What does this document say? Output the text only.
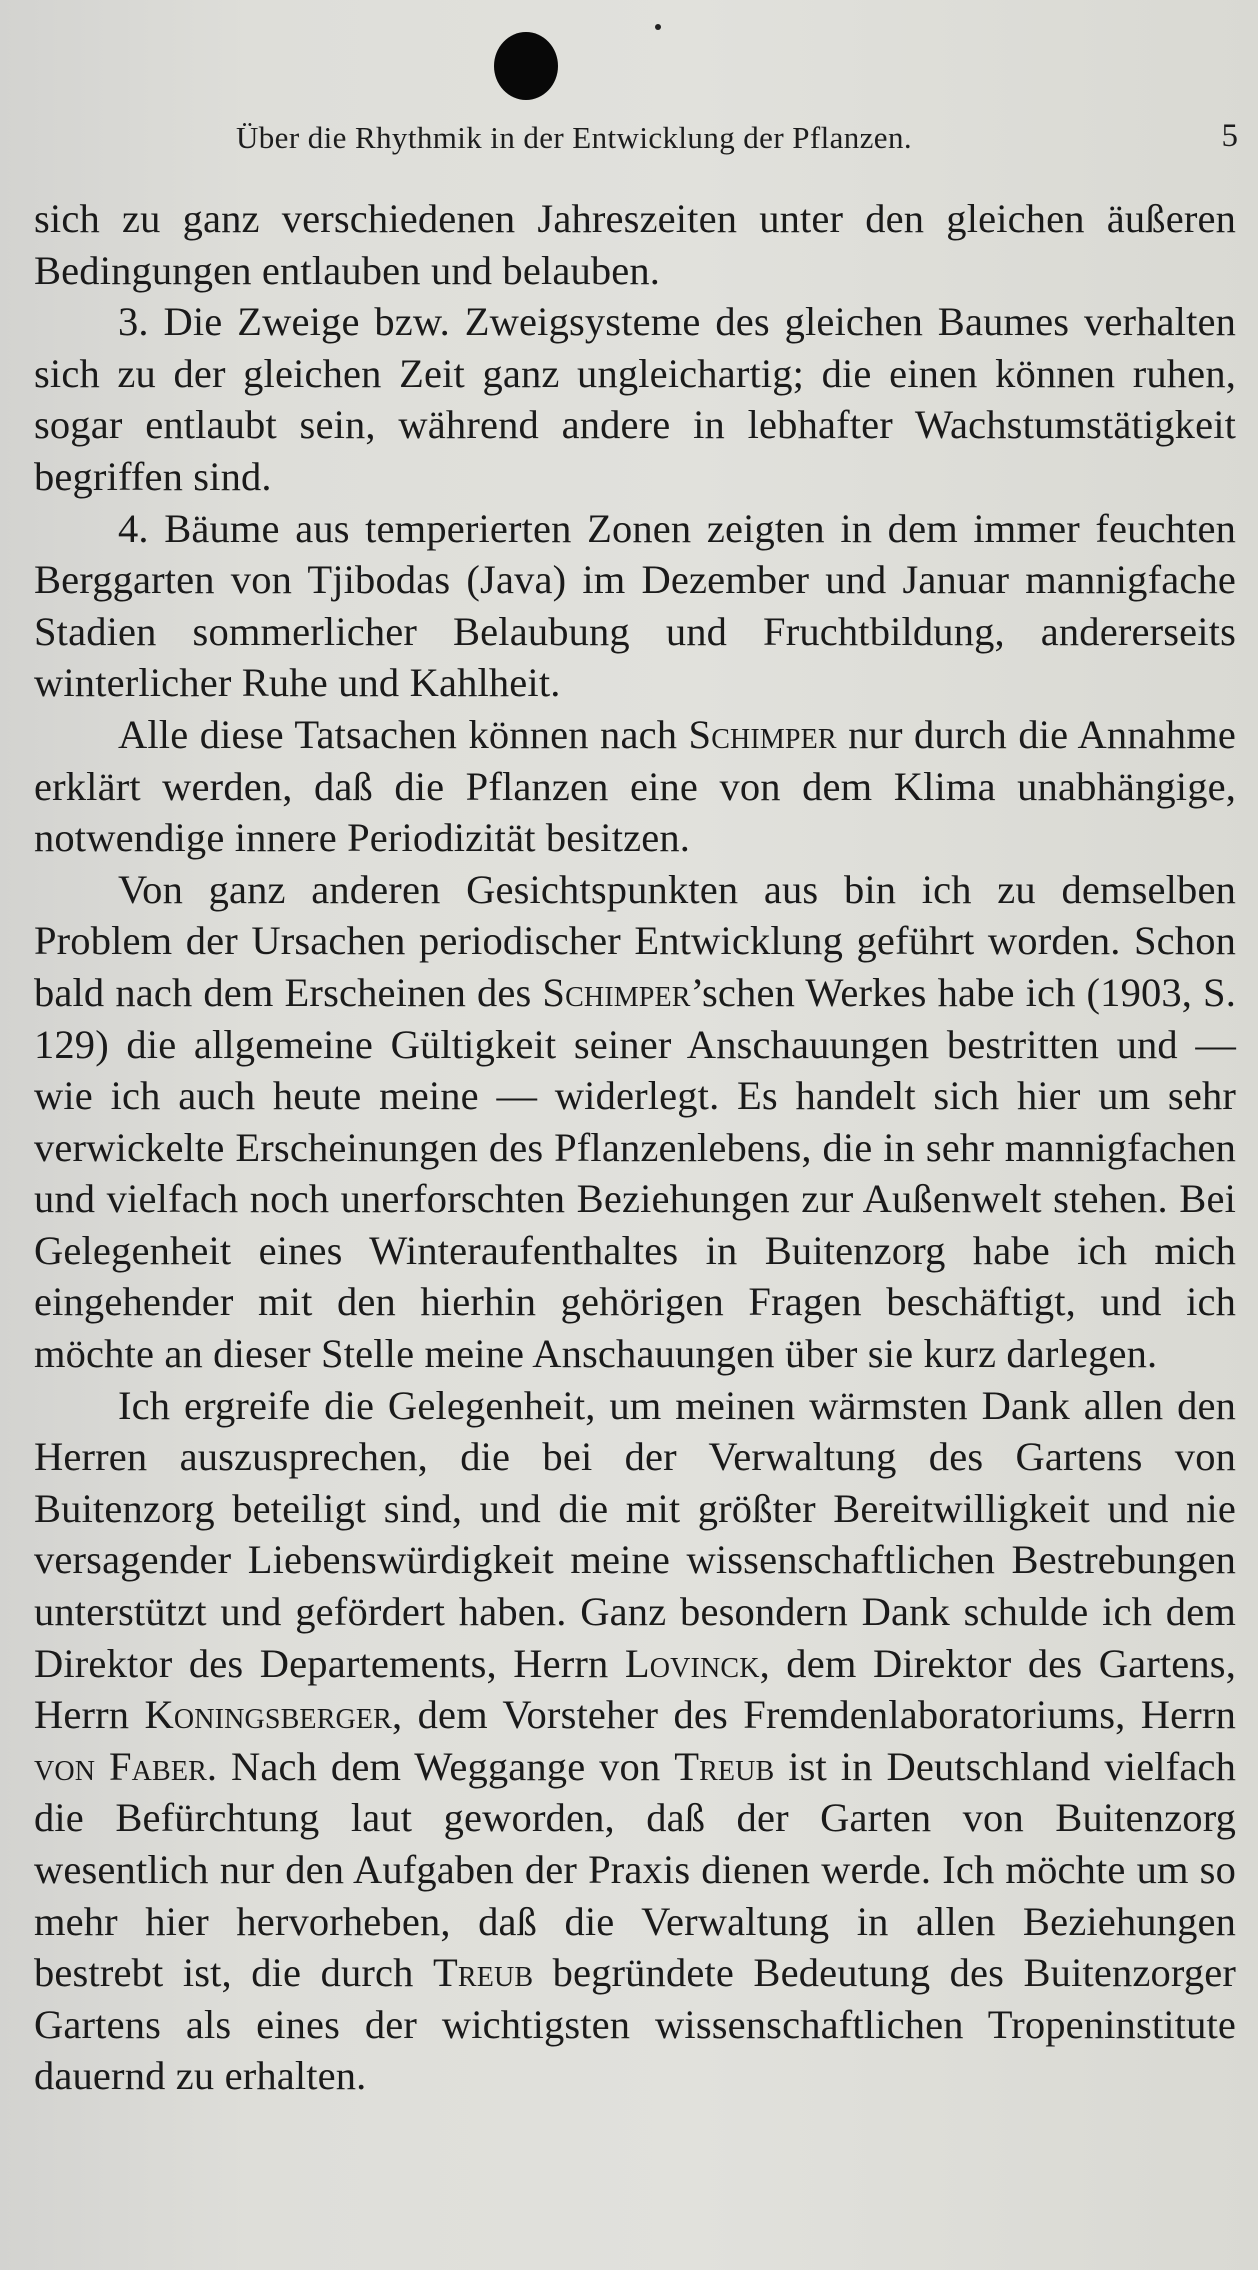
Über die Rhythmik in der Entwicklung der Pflanzen.	5

sich zu ganz verschiedenen Jahreszeiten unter den gleichen äußeren Bedingungen entlauben und belauben.

3. Die Zweige bzw. Zweigsysteme des gleichen Baumes verhalten sich zu der gleichen Zeit ganz ungleichartig; die einen können ruhen, sogar entlaubt sein, während andere in lebhafter Wachstumstätigkeit begriffen sind.

4. Bäume aus temperierten Zonen zeigten in dem immer feuchten Berggarten von Tjibodas (Java) im Dezember und Januar mannigfache Stadien sommerlicher Belaubung und Fruchtbildung, andererseits winterlicher Ruhe und Kahlheit.

Alle diese Tatsachen können nach Schimper nur durch die Annahme erklärt werden, daß die Pflanzen eine von dem Klima unabhängige, notwendige innere Periodizität besitzen.

Von ganz anderen Gesichtspunkten aus bin ich zu demselben Problem der Ursachen periodischer Entwicklung geführt worden. Schon bald nach dem Erscheinen des Schimper’schen Werkes habe ich (1903, S. 129) die allgemeine Gültigkeit seiner Anschauungen bestritten und — wie ich auch heute meine — widerlegt. Es handelt sich hier um sehr verwickelte Erscheinungen des Pflanzenlebens, die in sehr mannigfachen und vielfach noch unerforschten Beziehungen zur Außenwelt stehen. Bei Gelegenheit eines Winteraufenthaltes in Buitenzorg habe ich mich eingehender mit den hierhin gehörigen Fragen beschäftigt, und ich möchte an dieser Stelle meine Anschauungen über sie kurz darlegen.

Ich ergreife die Gelegenheit, um meinen wärmsten Dank allen den Herren auszusprechen, die bei der Verwaltung des Gartens von Buitenzorg beteiligt sind, und die mit größter Bereitwilligkeit und nie versagender Liebenswürdigkeit meine wissenschaftlichen Bestrebungen unterstützt und gefördert haben. Ganz besondern Dank schulde ich dem Direktor des Departements, Herrn Lovinck, dem Direktor des Gartens, Herrn Koningsberger, dem Vorsteher des Fremdenlaboratoriums, Herrn von Faber. Nach dem Weggange von Treub ist in Deutschland vielfach die Befürchtung laut geworden, daß der Garten von Buitenzorg wesentlich nur den Aufgaben der Praxis dienen werde. Ich möchte um so mehr hier hervorheben, daß die Verwaltung in allen Beziehungen bestrebt ist, die durch Treub begründete Bedeutung des Buitenzorger Gartens als eines der wichtigsten wissenschaftlichen Tropeninstitute dauernd zu erhalten.
